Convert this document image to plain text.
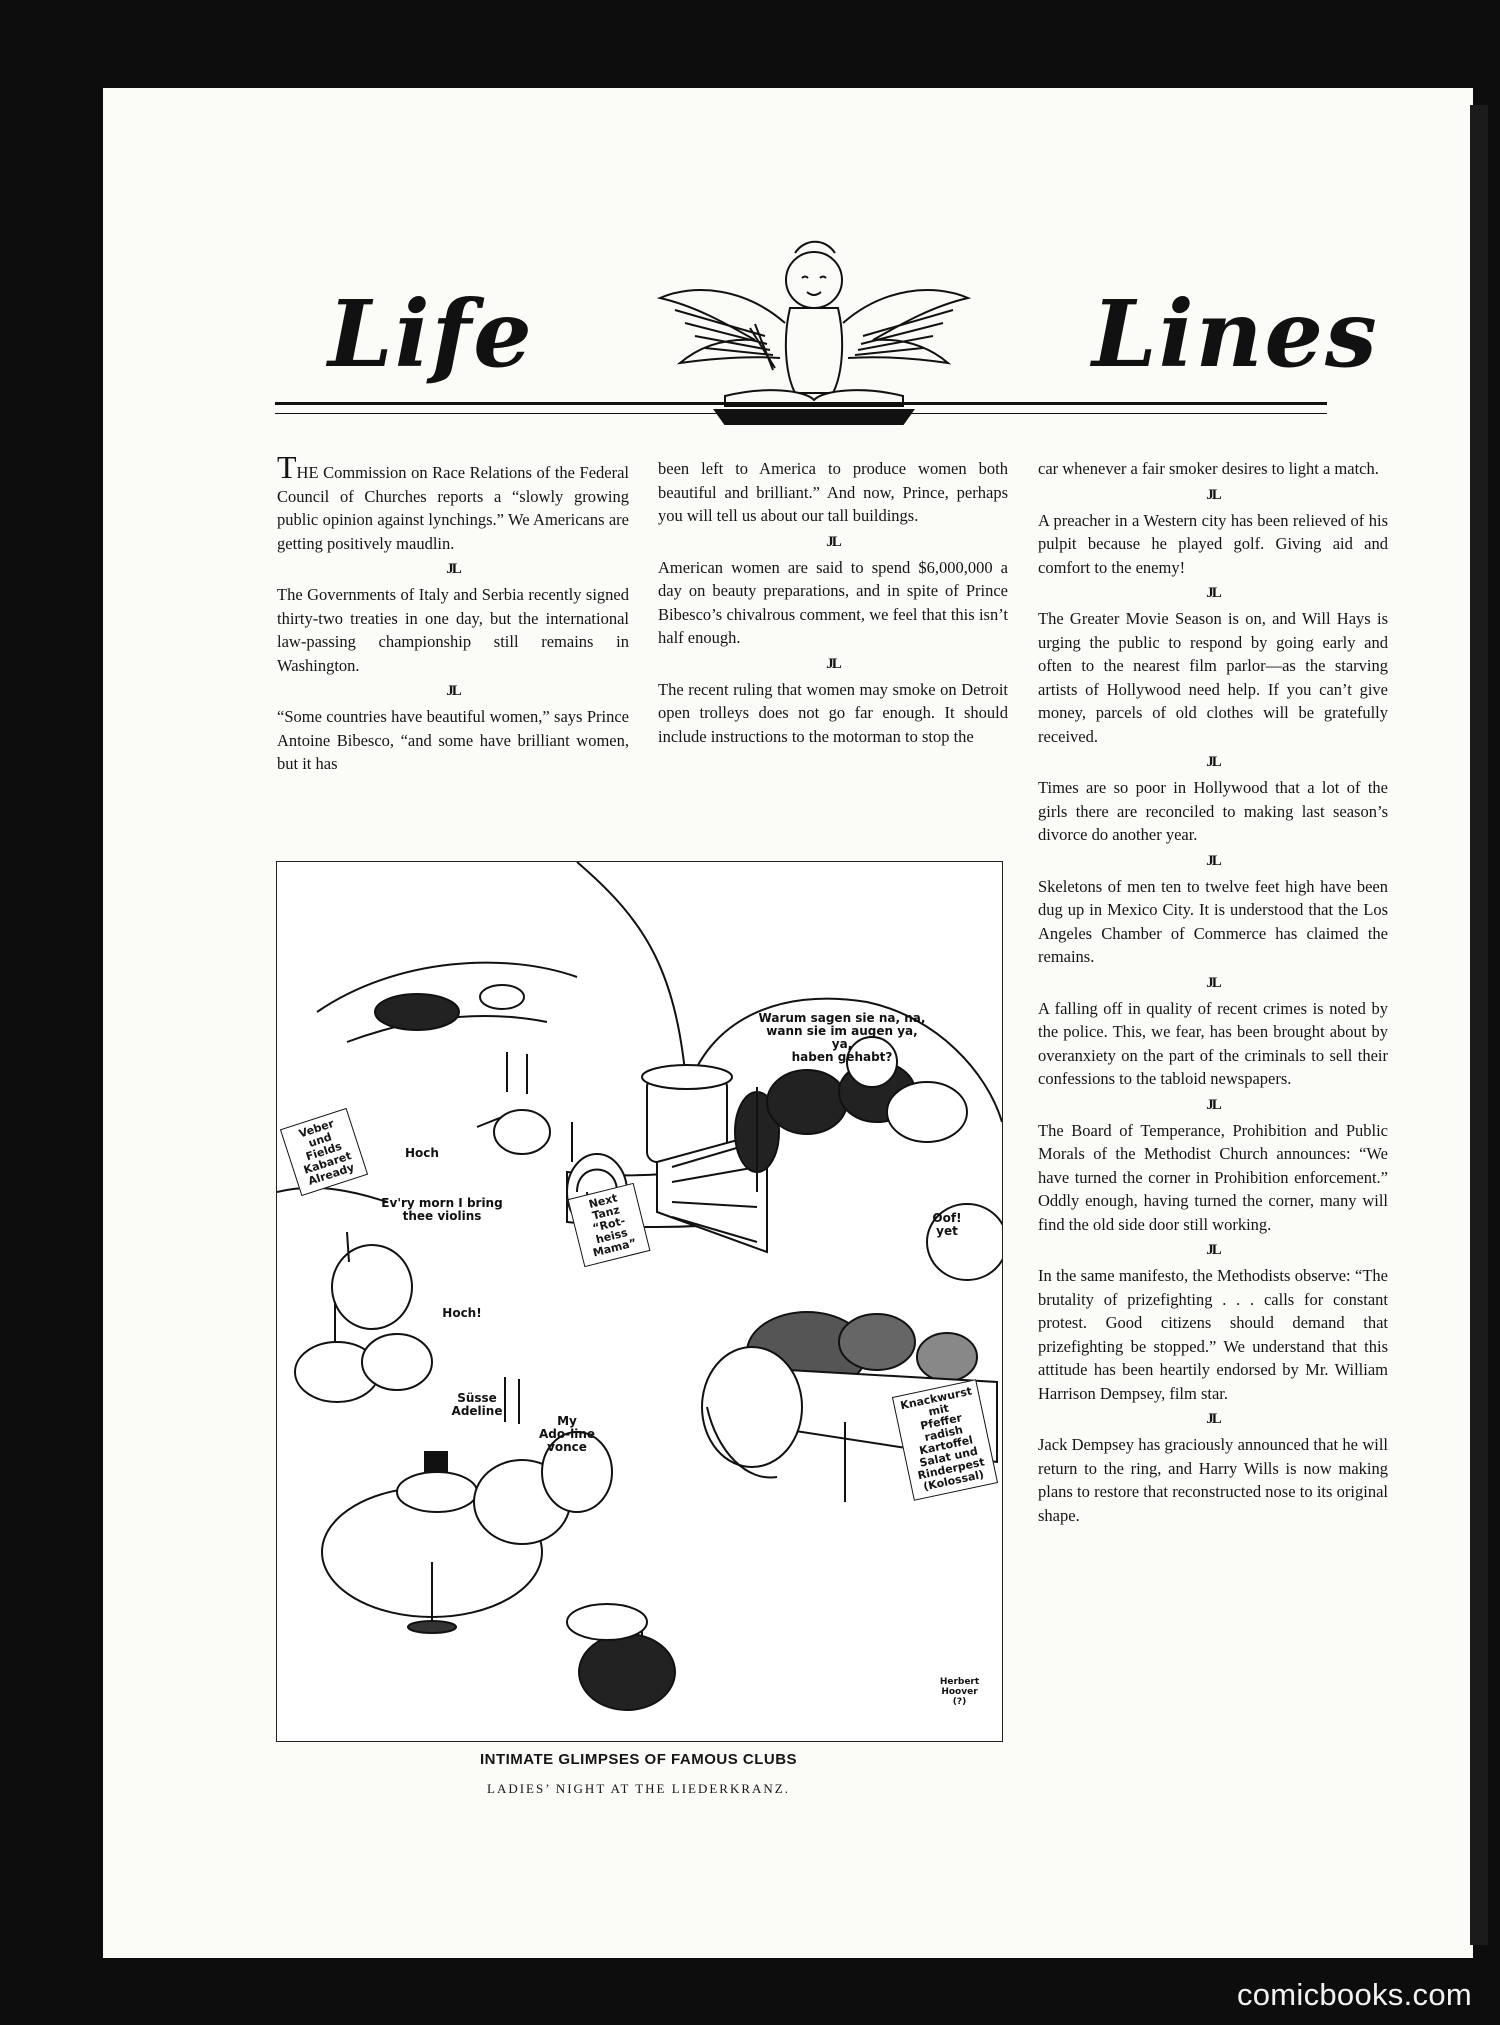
Life	Lines

THE Commission on Race Relations of the Federal Council of Churches reports a “slowly growing public opinion against lynchings.” We Americans are getting positively maudlin.

JL

The Governments of Italy and Serbia recently signed thirty-two treaties in one day, but the international law-passing championship still remains in Washington.

JL

“Some countries have beautiful women,” says Prince Antoine Bibesco, “and some have brilliant women, but it has

been left to America to produce women both beautiful and brilliant.” And now, Prince, perhaps you will tell us about our tall buildings.

JL

American women are said to spend $6,000,000 a day on beauty preparations, and in spite of Prince Bibesco’s chivalrous comment, we feel that this isn’t half enough.

JL

The recent ruling that women may smoke on Detroit open trolleys does not go far enough. It should include instructions to the motorman to stop the

car whenever a fair smoker desires to light a match.

JL

A preacher in a Western city has been relieved of his pulpit because he played golf. Giving aid and comfort to the enemy!

JL

The Greater Movie Season is on, and Will Hays is urging the public to respond by going early and often to the nearest film parlor—as the starving artists of Hollywood need help. If you can’t give money, parcels of old clothes will be gratefully received.

JL

Times are so poor in Hollywood that a lot of the girls there are reconciled to making last season’s divorce do another year.

JL

Skeletons of men ten to twelve feet high have been dug up in Mexico City. It is understood that the Los Angeles Chamber of Commerce has claimed the remains.

JL

A falling off in quality of recent crimes is noted by the police. This, we fear, has been brought about by overanxiety on the part of the criminals to sell their confessions to the tabloid newspapers.

JL

The Board of Temperance, Prohibition and Public Morals of the Methodist Church announces: “We have turned the corner in Prohibition enforcement.” Oddly enough, having turned the corner, many will find the old side door still working.

JL

In the same manifesto, the Methodists observe: “The brutality of prizefighting . . . calls for constant protest. Good citizens should demand that prizefighting be stopped.” We understand that this attitude has been heartily endorsed by Mr. William Harrison Dempsey, film star.

JL

Jack Dempsey has graciously announced that he will return to the ring, and Harry Wills is now making plans to restore that reconstructed nose to its original shape.

Warum sagen sie na, na,
wann sie im augen ya, ya,
haben gehabt?
Hoch
Ev'ry morn I bring
thee violins
Hoch!
Oof!
yet
Süsse
Adeline
My
Ado-line
vonce
Veber und
Fields
Kabaret
Already
Next Tanz
“Rot-heiss
Mama”
Knackwurst
mit
Pfeffer radish
Kartoffel
Salat und
Rinderpest
(Kolossal)
Herbert
Hoover
(?)
INTIMATE GLIMPSES OF FAMOUS CLUBS
LADIES’ NIGHT AT THE LIEDERKRANZ.
comicbooks.com
